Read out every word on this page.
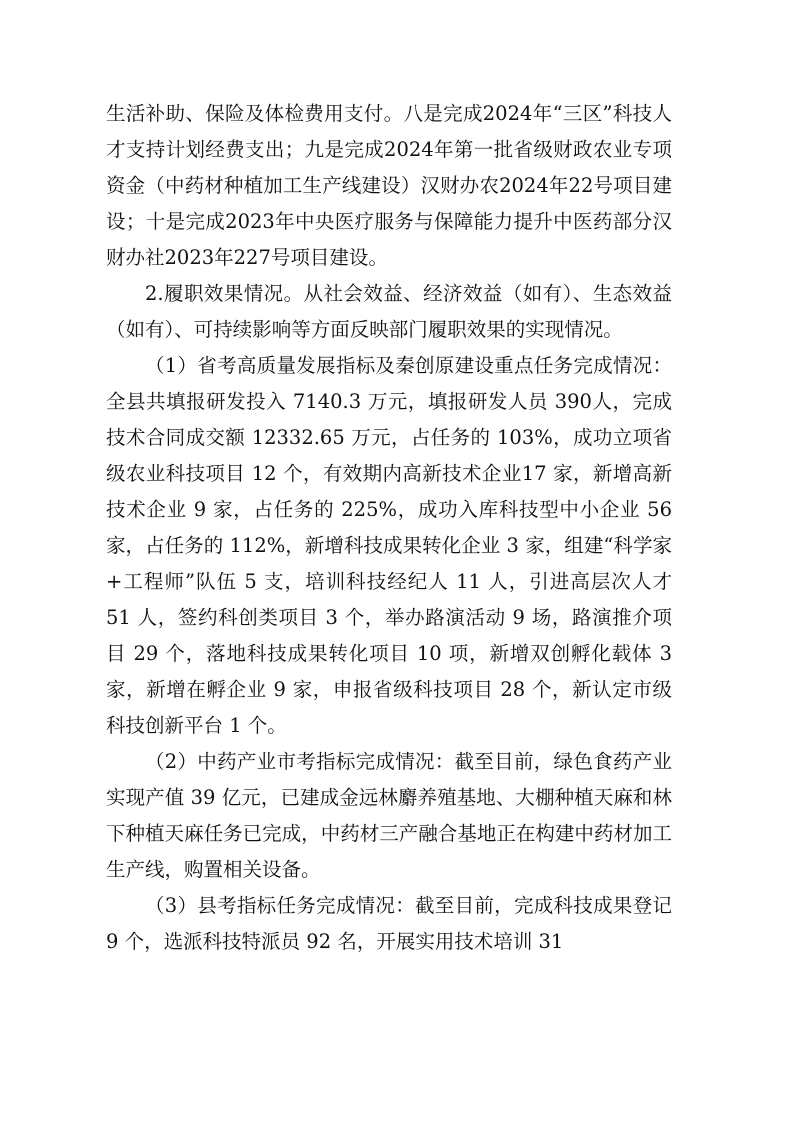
生活补助、保险及体检费用支付。八是完成2024年“三区”科技人才支持计划经费支出；九是完成2024年第一批省级财政农业专项资金（中药材种植加工生产线建设）汉财办农2024年22号项目建设；十是完成2023年中央医疗服务与保障能力提升中医药部分汉财办社2023年227号项目建设。

2.履职效果情况。从社会效益、经济效益（如有）、生态效益（如有）、可持续影响等方面反映部门履职效果的实现情况。

（1）省考高质量发展指标及秦创原建设重点任务完成情况：全县共填报研发投入 7140.3 万元，填报研发人员 390人，完成技术合同成交额 12332.65 万元，占任务的 103%，成功立项省级农业科技项目 12 个，有效期内高新技术企业17 家，新增高新技术企业 9 家，占任务的 225%，成功入库科技型中小企业 56 家，占任务的 112%，新增科技成果转化企业 3 家，组建“科学家+工程师”队伍 5 支，培训科技经纪人 11 人，引进高层次人才 51 人，签约科创类项目 3 个，举办路演活动 9 场，路演推介项目 29 个，落地科技成果转化项目 10 项，新增双创孵化载体 3 家，新增在孵企业 9 家，申报省级科技项目 28 个，新认定市级科技创新平台 1 个。

（2）中药产业市考指标完成情况：截至目前，绿色食药产业实现产值 39 亿元，已建成金远林麝养殖基地、大棚种植天麻和林下种植天麻任务已完成，中药材三产融合基地正在构建中药材加工生产线，购置相关设备。

（3）县考指标任务完成情况：截至目前，完成科技成果登记 9 个，选派科技特派员 92 名，开展实用技术培训 31
